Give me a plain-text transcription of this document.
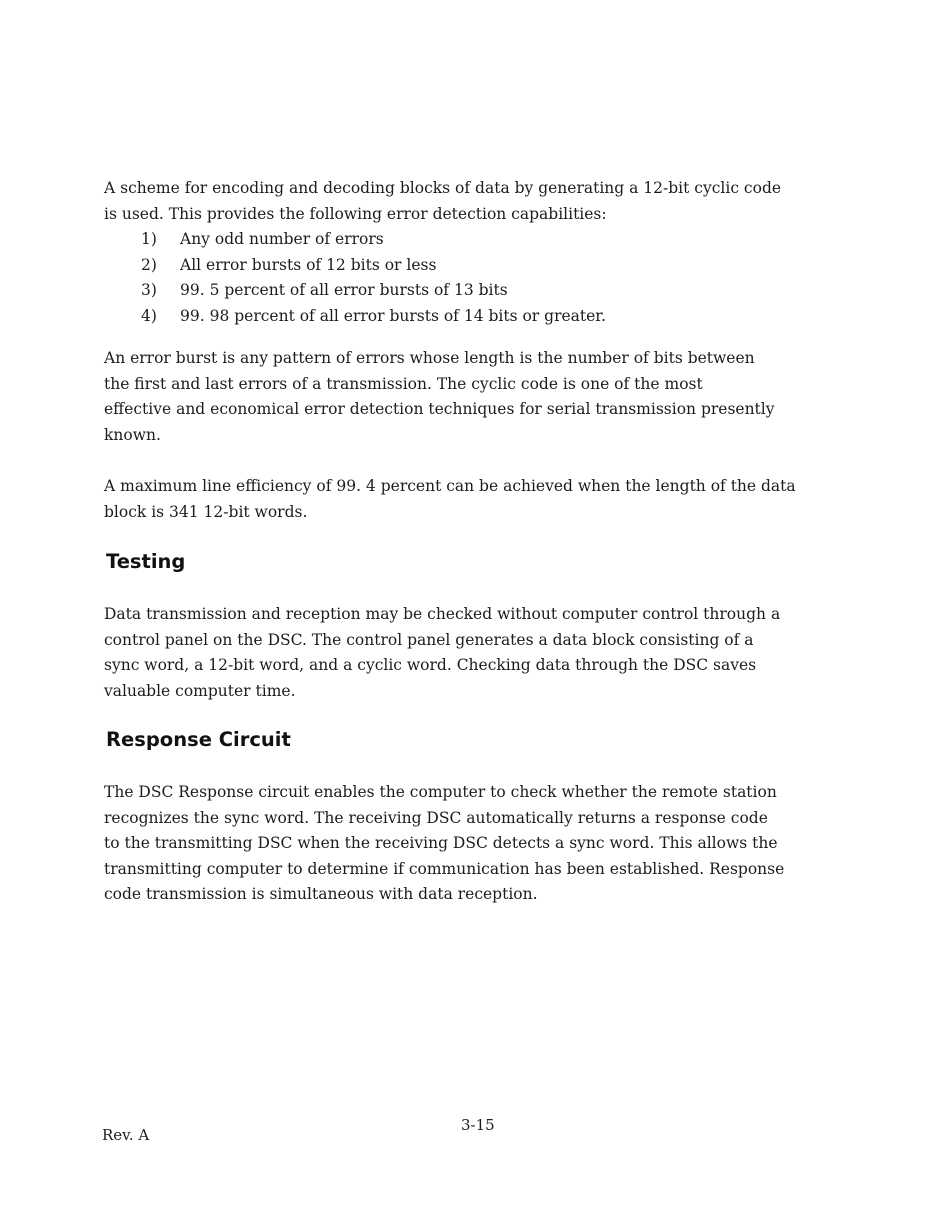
A scheme for encoding and decoding blocks of data by generating a 12-bit cyclic code
is used. This provides the following error detection capabilities:

1) Any odd number of errors
2) All error bursts of 12 bits or less
3) 99. 5 percent of all error bursts of 13 bits
4) 99. 98 percent of all error bursts of 14 bits or greater.

An error burst is any pattern of errors whose length is the number of bits between
the first and last errors of a transmission. The cyclic code is one of the most
effective and economical error detection techniques for serial transmission presently
known.

A maximum line efficiency of 99. 4 percent can be achieved when the length of the data
block is 341 12-bit words.

Testing

Data transmission and reception may be checked without computer control through a
control panel on the DSC. The control panel generates a data block consisting of a
sync word, a 12-bit word, and a cyclic word. Checking data through the DSC saves
valuable computer time.

Response Circuit

The DSC Response circuit enables the computer to check whether the remote station
recognizes the sync word. The receiving DSC automatically returns a response code
to the transmitting DSC when the receiving DSC detects a sync word. This allows the
transmitting computer to determine if communication has been established. Response
code transmission is simultaneous with data reception.

3-15
Rev. A
